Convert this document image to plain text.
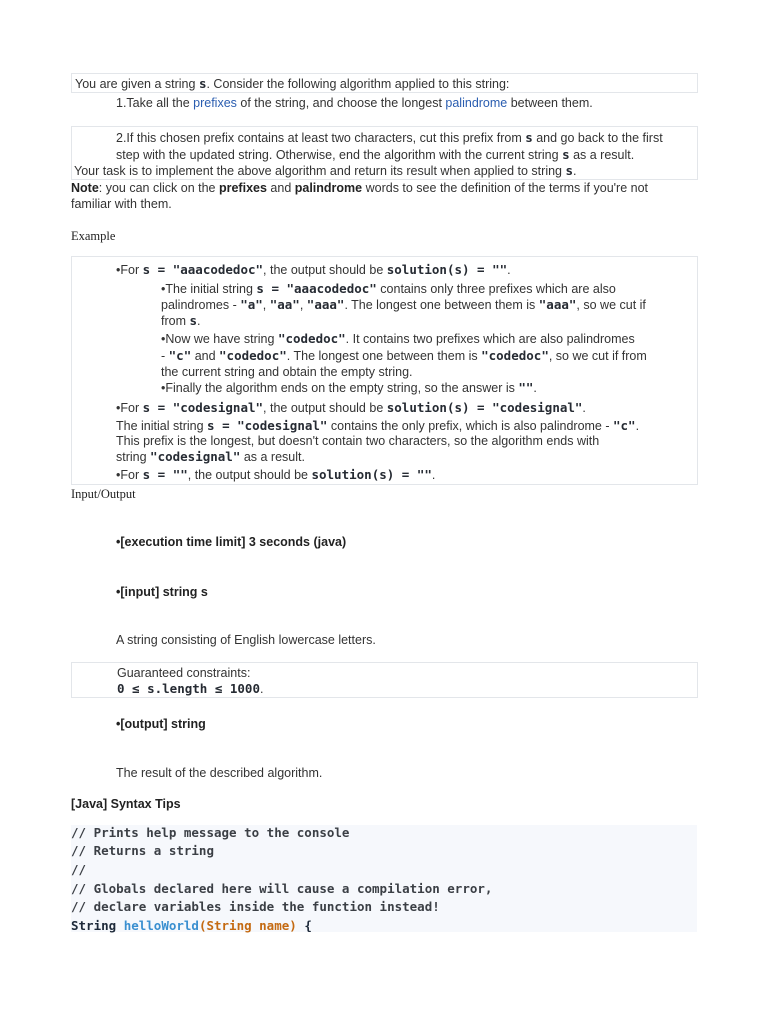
You are given a string s. Consider the following algorithm applied to this string:
1.Take all the prefixes of the string, and choose the longest palindrome between them.
2.If this chosen prefix contains at least two characters, cut this prefix from s and go back to the first
step with the updated string. Otherwise, end the algorithm with the current string s as a result.
Your task is to implement the above algorithm and return its result when applied to string s.
Note: you can click on the prefixes and palindrome words to see the definition of the terms if you're not
familiar with them.
Example
•For s = "aaacodedoc", the output should be solution(s) = "".
•The initial string s = "aaacodedoc" contains only three prefixes which are also
palindromes - "a", "aa", "aaa". The longest one between them is "aaa", so we cut if
from s.
•Now we have string "codedoc". It contains two prefixes which are also palindromes
- "c" and "codedoc". The longest one between them is "codedoc", so we cut if from
the current string and obtain the empty string.
•Finally the algorithm ends on the empty string, so the answer is "".
•For s = "codesignal", the output should be solution(s) = "codesignal".
The initial string s = "codesignal" contains the only prefix, which is also palindrome - "c".
This prefix is the longest, but doesn't contain two characters, so the algorithm ends with
string "codesignal" as a result.
•For s = "", the output should be solution(s) = "".
Input/Output
•[execution time limit] 3 seconds (java)
•[input] string s
A string consisting of English lowercase letters.
Guaranteed constraints:
0 ≤ s.length ≤ 1000.
•[output] string
The result of the described algorithm.
[Java] Syntax Tips
// Prints help message to the console
// Returns a string
//
// Globals declared here will cause a compilation error,
// declare variables inside the function instead!
String helloWorld(String name) {
